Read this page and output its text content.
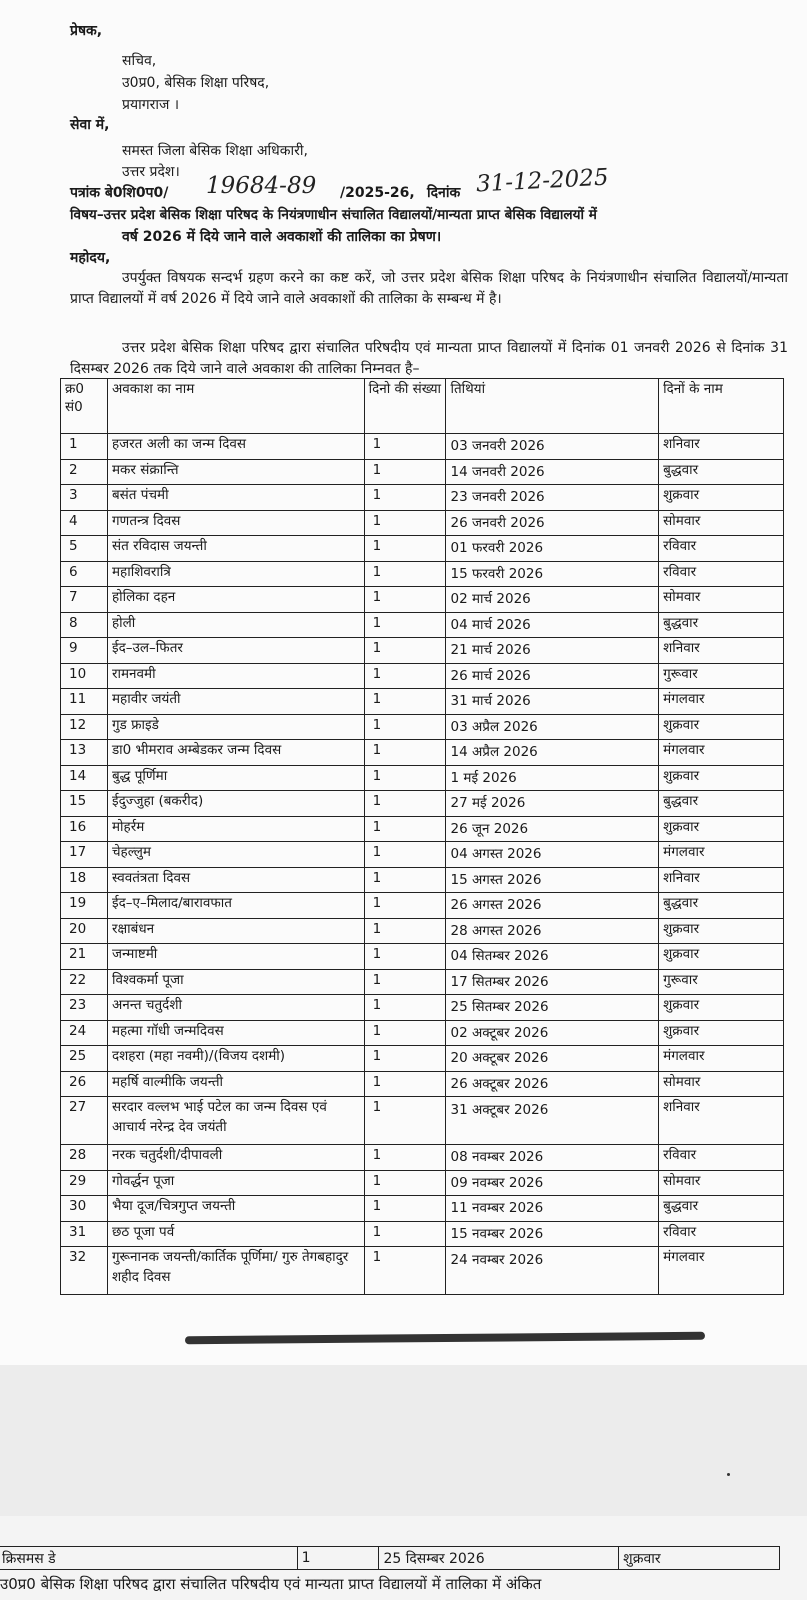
प्रेषक,
सचिव,
उ0प्र0, बेसिक शिक्षा परिषद,
प्रयागराज ।
सेवा में,
समस्त जिला बेसिक शिक्षा अधिकारी,
उत्तर प्रदेश।
पत्रांक बे0शि0प0/ 19684-89 /2025-26, दिनांक 31-12-2025
विषय–उत्तर प्रदेश बेसिक शिक्षा परिषद के नियंत्रणाधीन संचालित विद्यालयों/मान्यता प्राप्त बेसिक विद्यालयों में
वर्ष 2026 में दिये जाने वाले अवकाशों की तालिका का प्रेषण।
महोदय,
उपर्युक्त विषयक सन्दर्भ ग्रहण करने का कष्ट करें, जो उत्तर प्रदेश बेसिक शिक्षा परिषद के नियंत्रणाधीन संचालित विद्यालयों/मान्यता प्राप्त विद्यालयों में वर्ष 2026 में दिये जाने वाले अवकाशों की तालिका के सम्बन्ध में है।
उत्तर प्रदेश बेसिक शिक्षा परिषद द्वारा संचालित परिषदीय एवं मान्यता प्राप्त विद्यालयों में दिनांक 01 जनवरी 2026 से दिनांक 31 दिसम्बर 2026 तक दिये जाने वाले अवकाश की तालिका निम्नवत है–
क्र0 सं0	अवकाश का नाम	दिनो की संख्या	तिथियां	दिनों के नाम
1	हजरत अली का जन्म दिवस	1	03 जनवरी 2026	शनिवार
2	मकर संक्रान्ति	1	14 जनवरी 2026	बुद्धवार
3	बसंत पंचमी	1	23 जनवरी 2026	शुक्रवार
4	गणतन्त्र दिवस	1	26 जनवरी 2026	सोमवार
5	संत रविदास जयन्ती	1	01 फरवरी 2026	रविवार
6	महाशिवरात्रि	1	15 फरवरी 2026	रविवार
7	होलिका दहन	1	02 मार्च 2026	सोमवार
8	होली	1	04 मार्च 2026	बुद्धवार
9	ईद–उल–फितर	1	21 मार्च 2026	शनिवार
10	रामनवमी	1	26 मार्च 2026	गुरूवार
11	महावीर जयंती	1	31 मार्च 2026	मंगलवार
12	गुड फ्राइडे	1	03 अप्रैल 2026	शुक्रवार
13	डा0 भीमराव अम्बेडकर जन्म दिवस	1	14 अप्रैल 2026	मंगलवार
14	बुद्ध पूर्णिमा	1	1 मई 2026	शुक्रवार
15	ईदुज्जुहा (बकरीद)	1	27 मई 2026	बुद्धवार
16	मोहर्रम	1	26 जून 2026	शुक्रवार
17	चेहल्लुम	1	04 अगस्त 2026	मंगलवार
18	स्ववतंत्रता दिवस	1	15 अगस्त 2026	शनिवार
19	ईद–ए–मिलाद/बारावफात	1	26 अगस्त 2026	बुद्धवार
20	रक्षाबंधन	1	28 अगस्त 2026	शुक्रवार
21	जन्माष्टमी	1	04 सितम्बर 2026	शुक्रवार
22	विश्वकर्मा पूजा	1	17 सितम्बर 2026	गुरूवार
23	अनन्त चतुर्दशी	1	25 सितम्बर 2026	शुक्रवार
24	महत्मा गॉधी जन्मदिवस	1	02 अक्टूबर 2026	शुक्रवार
25	दशहरा (महा नवमी)/(विजय दशमी)	1	20 अक्टूबर 2026	मंगलवार
26	महर्षि वाल्मीकि जयन्ती	1	26 अक्टूबर 2026	सोमवार
27	सरदार वल्लभ भाई पटेल का जन्म दिवस एवं आचार्य नरेन्द्र देव जयंती	1	31 अक्टूबर 2026	शनिवार
28	नरक चतुर्दशी/दीपावली	1	08 नवम्बर 2026	रविवार
29	गोवर्द्धन पूजा	1	09 नवम्बर 2026	सोमवार
30	भैया दूज/चित्रगुप्त जयन्ती	1	11 नवम्बर 2026	बुद्धवार
31	छठ पूजा पर्व	1	15 नवम्बर 2026	रविवार
32	गुरूनानक जयन्ती/कार्तिक पूर्णिमा/ गुरु तेगबहादुर शहीद दिवस	1	24 नवम्बर 2026	मंगलवार
क्रिसमस डे	1	25 दिसम्बर 2026	शुक्रवार
उ0प्र0 बेसिक शिक्षा परिषद द्वारा संचालित परिषदीय एवं मान्यता प्राप्त विद्यालयों में तालिका में अंकित
